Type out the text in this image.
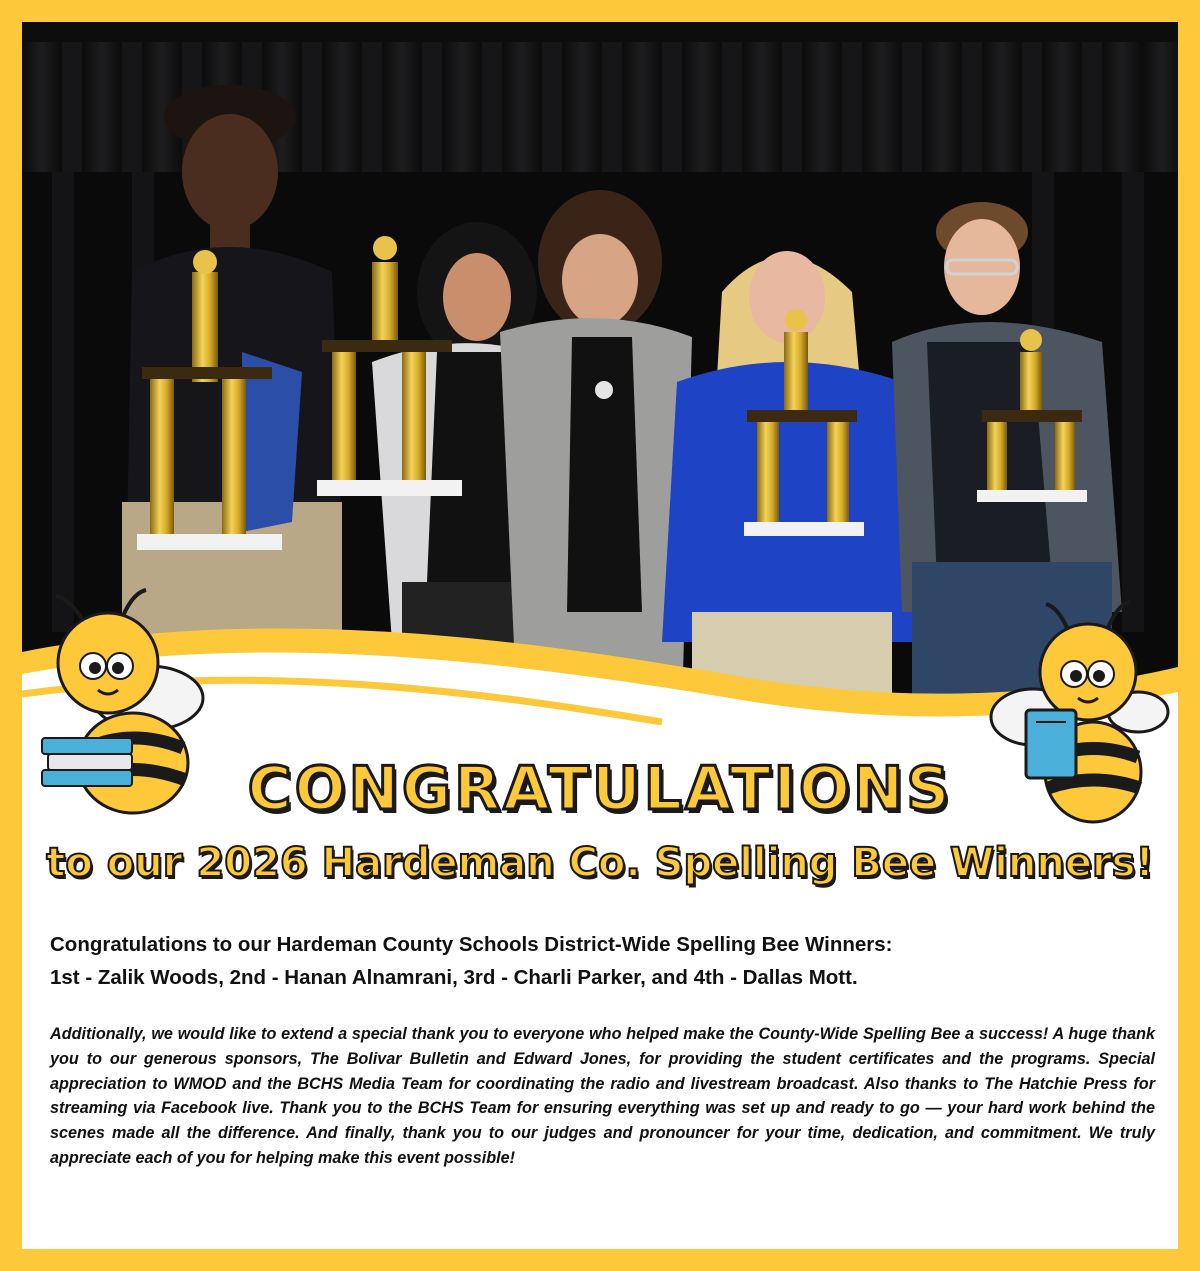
CONGRATULATIONS
to our 2026 Hardeman Co. Spelling Bee Winners!
Congratulations to our Hardeman County Schools District-Wide Spelling Bee Winners:
1st - Zalik Woods, 2nd - Hanan Alnamrani, 3rd - Charli Parker, and 4th - Dallas Mott.
Additionally, we would like to extend a special thank you to everyone who helped make the County-Wide Spelling Bee a success! A huge thank you to our generous sponsors, The Bolivar Bulletin and Edward Jones, for providing the student certificates and the programs. Special appreciation to WMOD and the BCHS Media Team for coordinating the radio and livestream broadcast. Also thanks to The Hatchie Press for streaming via Facebook live. Thank you to the BCHS Team for ensuring everything was set up and ready to go — your hard work behind the scenes made all the difference. And finally, thank you to our judges and pronouncer for your time, dedication, and commitment. We truly appreciate each of you for helping make this event possible!
